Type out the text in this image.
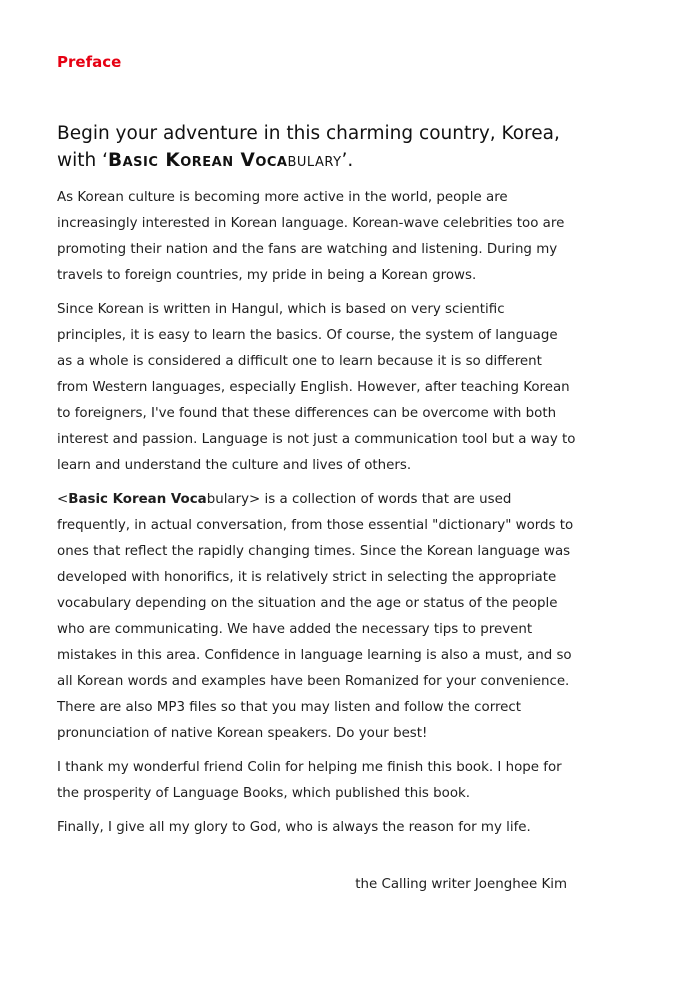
Preface
Begin your adventure in this charming country, Korea,
with ‘Basic Korean Vocabulary’.

As Korean culture is becoming more active in the world, people are increasingly interested in Korean language. Korean-wave celebrities too are promoting their nation and the fans are watching and listening. During my travels to foreign countries, my pride in being a Korean grows.

Since Korean is written in Hangul, which is based on very scientific principles, it is easy to learn the basics. Of course, the system of language as a whole is considered a difficult one to learn because it is so different from Western languages, especially English. However, after teaching Korean to foreigners, I've found that these differences can be overcome with both interest and passion. Language is not just a communication tool but a way to learn and understand the culture and lives of others.

<Basic Korean Vocabulary> is a collection of words that are used frequently, in actual conversation, from those essential "dictionary" words to ones that reflect the rapidly changing times. Since the Korean language was developed with honorifics, it is relatively strict in selecting the appropriate vocabulary depending on the situation and the age or status of the people who are communicating. We have added the necessary tips to prevent mistakes in this area. Confidence in language learning is also a must, and so all Korean words and examples have been Romanized for your convenience. There are also MP3 files so that you may listen and follow the correct pronunciation of native Korean speakers. Do your best!

I thank my wonderful friend Colin for helping me finish this book. I hope for the prosperity of Language Books, which published this book.

Finally, I give all my glory to God, who is always the reason for my life.

the Calling writer Joenghee Kim
